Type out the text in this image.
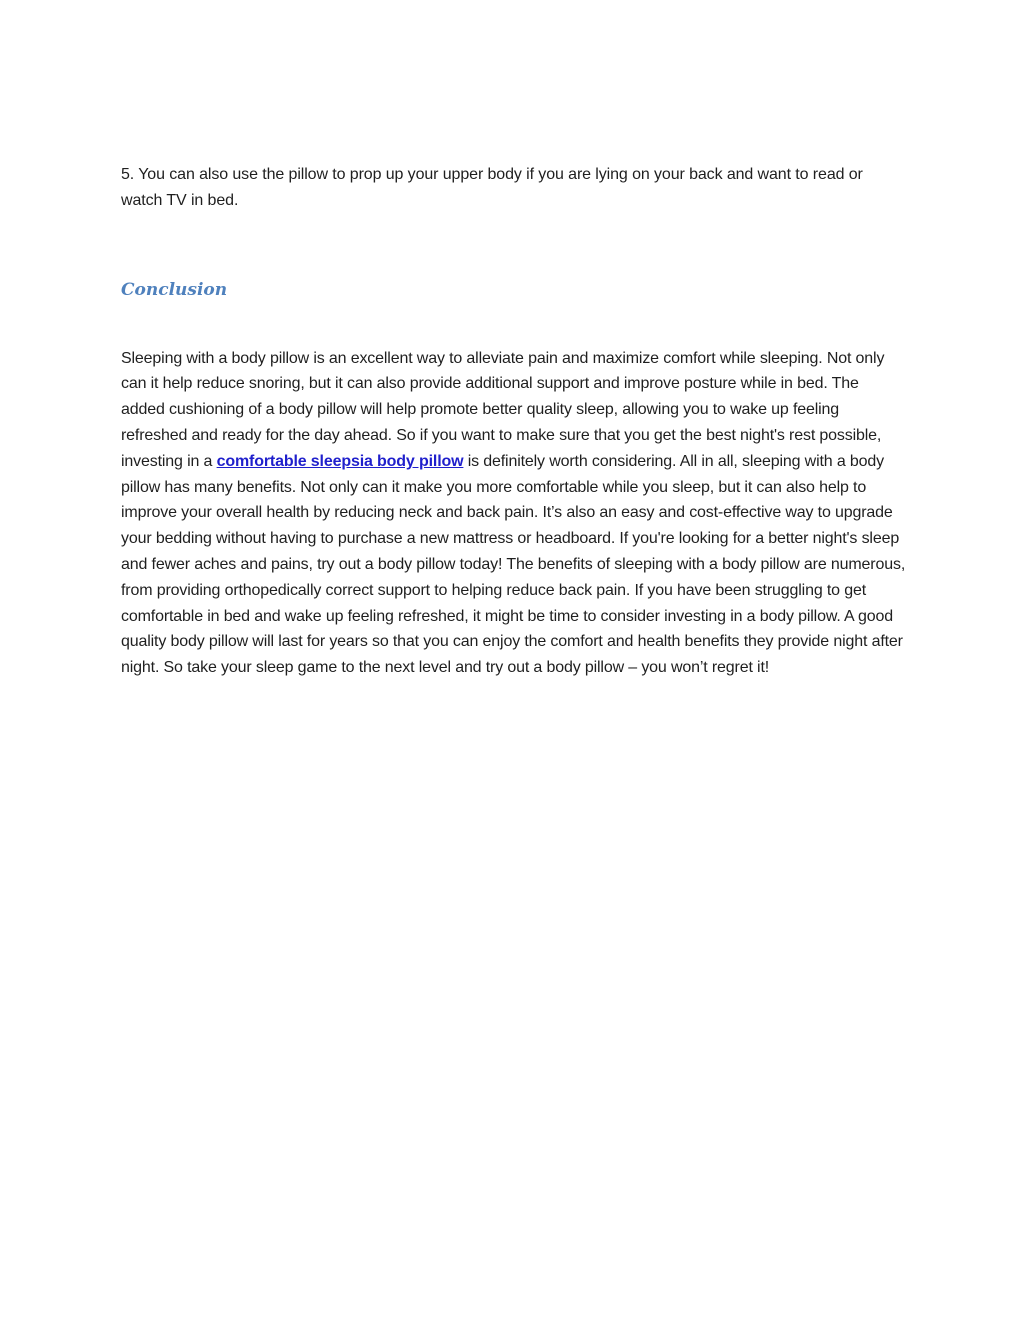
5. You can also use the pillow to prop up your upper body if you are lying on your back and want to read or watch TV in bed.

Conclusion

Sleeping with a body pillow is an excellent way to alleviate pain and maximize comfort while sleeping. Not only can it help reduce snoring, but it can also provide additional support and improve posture while in bed. The added cushioning of a body pillow will help promote better quality sleep, allowing you to wake up feeling refreshed and ready for the day ahead. So if you want to make sure that you get the best night's rest possible, investing in a comfortable sleepsia body pillow is definitely worth considering. All in all, sleeping with a body pillow has many benefits. Not only can it make you more comfortable while you sleep, but it can also help to improve your overall health by reducing neck and back pain. It’s also an easy and cost-effective way to upgrade your bedding without having to purchase a new mattress or headboard. If you're looking for a better night's sleep and fewer aches and pains, try out a body pillow today! The benefits of sleeping with a body pillow are numerous, from providing orthopedically correct support to helping reduce back pain. If you have been struggling to get comfortable in bed and wake up feeling refreshed, it might be time to consider investing in a body pillow. A good quality body pillow will last for years so that you can enjoy the comfort and health benefits they provide night after night. So take your sleep game to the next level and try out a body pillow – you won’t regret it!
